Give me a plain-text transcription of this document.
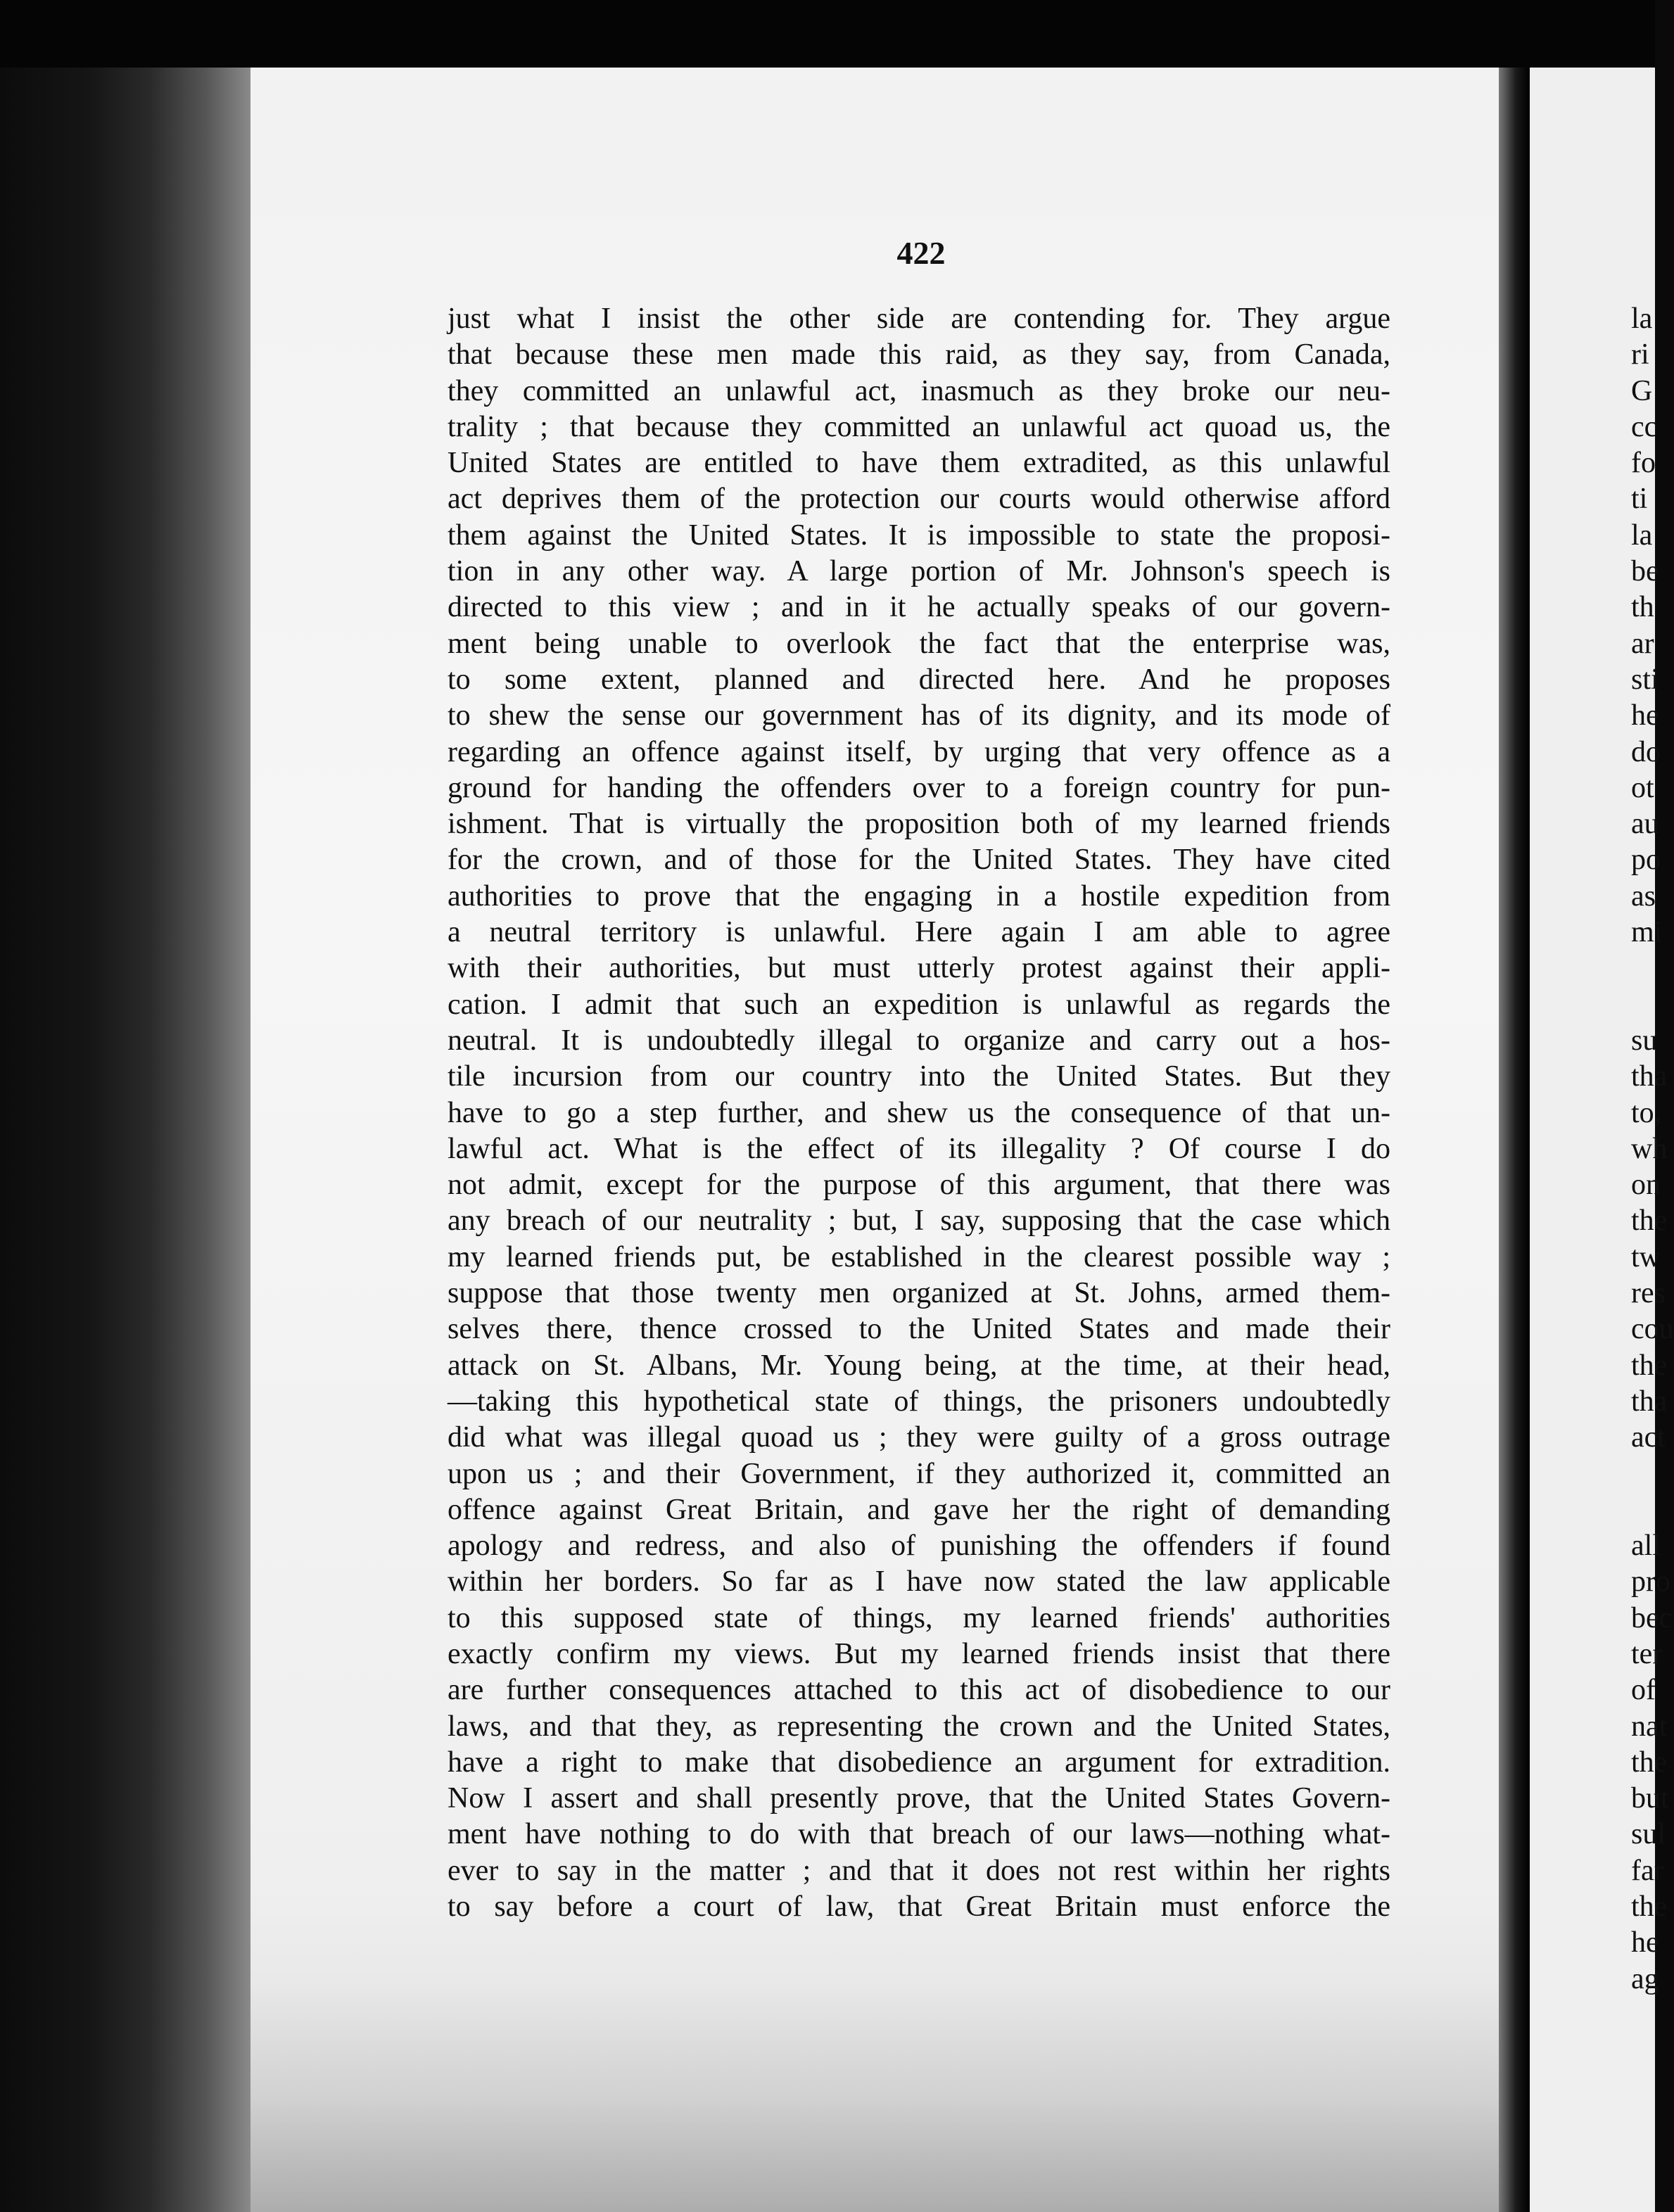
422
just what I insist the other side are contending for. They argue
that because these men made this raid, as they say, from Canada,
they committed an unlawful act, inasmuch as they broke our neu-
trality ; that because they committed an unlawful act quoad us, the
United States are entitled to have them extradited, as this unlawful
act deprives them of the protection our courts would otherwise afford
them against the United States. It is impossible to state the proposi-
tion in any other way. A large portion of Mr. Johnson's speech is
directed to this view ; and in it he actually speaks of our govern-
ment being unable to overlook the fact that the enterprise was,
to some extent, planned and directed here. And he proposes
to shew the sense our government has of its dignity, and its mode of
regarding an offence against itself, by urging that very offence as a
ground for handing the offenders over to a foreign country for pun-
ishment. That is virtually the proposition both of my learned friends
for the crown, and of those for the United States. They have cited
authorities to prove that the engaging in a hostile expedition from
a neutral territory is unlawful. Here again I am able to agree
with their authorities, but must utterly protest against their appli-
cation. I admit that such an expedition is unlawful as regards the
neutral. It is undoubtedly illegal to organize and carry out a hos-
tile incursion from our country into the United States. But they
have to go a step further, and shew us the consequence of that un-
lawful act. What is the effect of its illegality ? Of course I do
not admit, except for the purpose of this argument, that there was
any breach of our neutrality ; but, I say, supposing that the case which
my learned friends put, be established in the clearest possible way ;
suppose that those twenty men organized at St. Johns, armed them-
selves there, thence crossed to the United States and made their
attack on St. Albans, Mr. Young being, at the time, at their head,
—taking this hypothetical state of things, the prisoners undoubtedly
did what was illegal quoad us ; they were guilty of a gross outrage
upon us ; and their Government, if they authorized it, committed an
offence against Great Britain, and gave her the right of demanding
apology and redress, and also of punishing the offenders if found
within her borders. So far as I have now stated the law applicable
to this supposed state of things, my learned friends' authorities
exactly confirm my views. But my learned friends insist that there
are further consequences attached to this act of disobedience to our
laws, and that they, as representing the crown and the United States,
have a right to make that disobedience an argument for extradition.
Now I assert and shall presently prove, that the United States Govern-
ment have nothing to do with that breach of our laws—nothing what-
ever to say in the matter ; and that it does not rest within her rights
to say before a court of law, that Great Britain must enforce the
la
ri
G
cc
fo
ti
la
be
th
ar
sti
he
do
ot
au
po
as
mi
su
tha
to,
wh
on
the
tw
res
cou
the
tha
act
all
pro
bec
ter
of
nat
the
but
sul
far
the
he
ag
